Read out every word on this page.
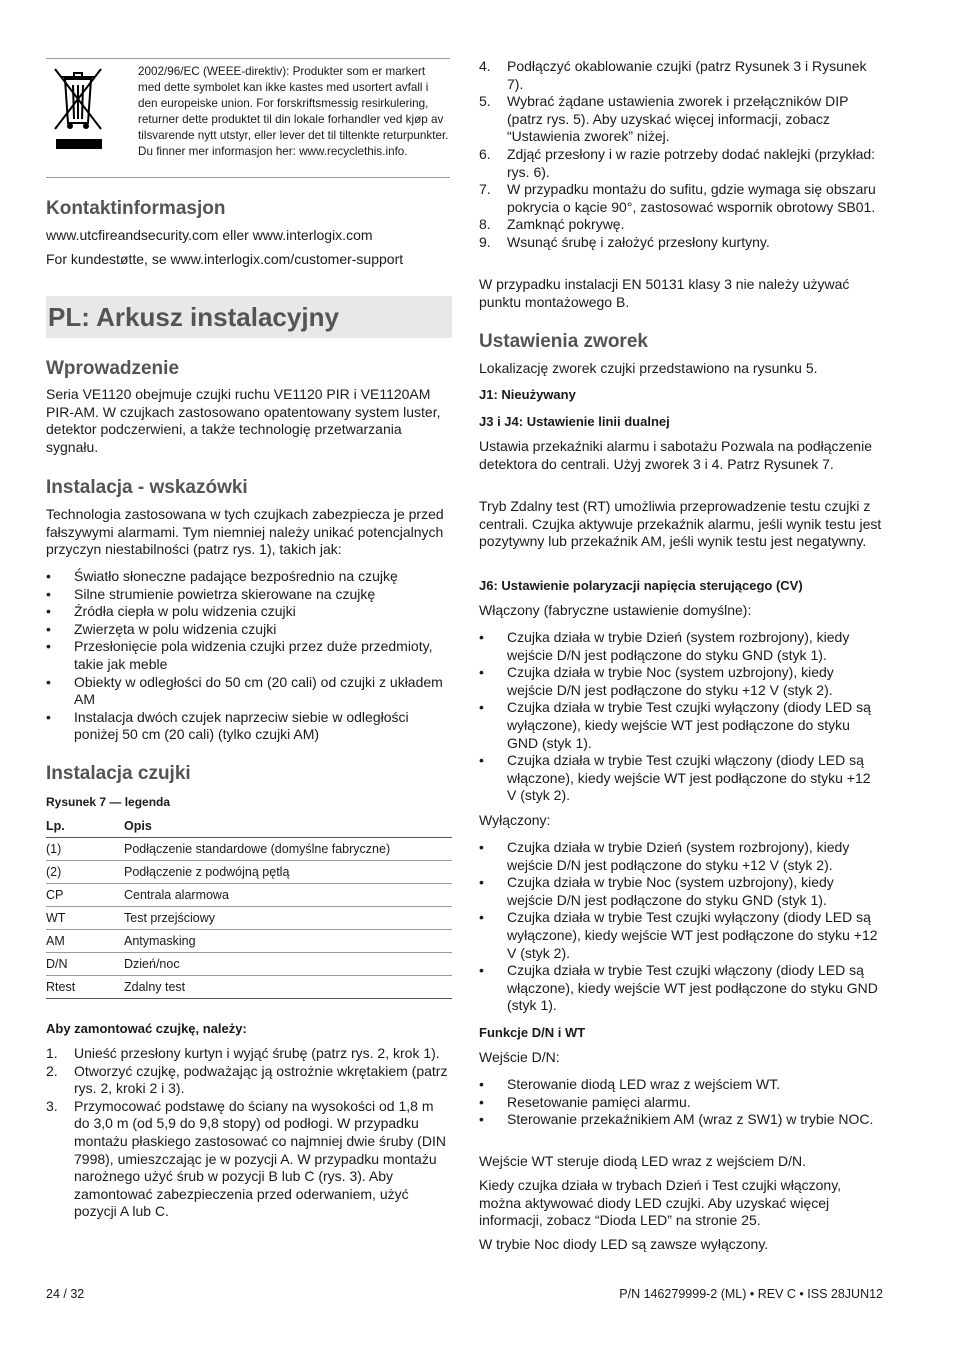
2002/96/EC (WEEE-direktiv): Produkter som er markert med dette symbolet kan ikke kastes med usortert avfall i den europeiske union. For forskriftsmessig resirkulering, returner dette produktet til din lokale forhandler ved kjøp av tilsvarende nytt utstyr, eller lever det til tiltenkte returpunkter. Du finner mer informasjon her: www.recyclethis.info.

Kontaktinformasjon

www.utcfireandsecurity.com eller www.interlogix.com

For kundestøtte, se www.interlogix.com/customer-support

PL: Arkusz instalacyjny
Wprowadzenie

Seria VE1120 obejmuje czujki ruchu VE1120 PIR i VE1120AM PIR-AM. W czujkach zastosowano opatentowany system luster, detektor podczerwieni, a także technologię przetwarzania sygnału.

Instalacja - wskazówki

Technologia zastosowana w tych czujkach zabezpiecza je przed fałszywymi alarmami. Tym niemniej należy unikać potencjalnych przyczyn niestabilności (patrz rys. 1), takich jak:

• Światło słoneczne padające bezpośrednio na czujkę
• Silne strumienie powietrza skierowane na czujkę
• Źródła ciepła w polu widzenia czujki
• Zwierzęta w polu widzenia czujki
• Przesłonięcie pola widzenia czujki przez duże przedmioty, takie jak meble
• Obiekty w odległości do 50 cm (20 cali) od czujki z układem AM
• Instalacja dwóch czujek naprzeciw siebie w odległości poniżej 50 cm (20 cali) (tylko czujki AM)
Instalacja czujki
Rysunek 7 — legenda
Lp.	Opis
(1)	Podłączenie standardowe (domyślne fabryczne)
(2)	Podłączenie z podwójną pętlą
CP	Centrala alarmowa
WT	Test przejściowy
AM	Antymasking
D/N	Dzień/noc
Rtest	Zdalny test
Aby zamontować czujkę, należy:
1. Unieść przesłony kurtyn i wyjąć śrubę (patrz rys. 2, krok 1).
2. Otworzyć czujkę, podważając ją ostrożnie wkrętakiem (patrz rys. 2, kroki 2 i 3).
3. Przymocować podstawę do ściany na wysokości od 1,8 m do 3,0 m (od 5,9 do 9,8 stopy) od podłogi. W przypadku montażu płaskiego zastosować co najmniej dwie śruby (DIN 7998), umieszczając je w pozycji A. W przypadku montażu narożnego użyć śrub w pozycji B lub C (rys. 3). Aby zamontować zabezpieczenia przed oderwaniem, użyć pozycji A lub C.
24 / 32
4. Podłączyć okablowanie czujki (patrz Rysunek 3 i Rysunek 7).
5. Wybrać żądane ustawienia zworek i przełączników DIP (patrz rys. 5). Aby uzyskać więcej informacji, zobacz “Ustawienia zworek” niżej.
6. Zdjąć przesłony i w razie potrzeby dodać naklejki (przykład: rys. 6).
7. W przypadku montażu do sufitu, gdzie wymaga się obszaru pokrycia o kącie 90°, zastosować wspornik obrotowy SB01.
8. Zamknąć pokrywę.
9. Wsunąć śrubę i założyć przesłony kurtyny.

W przypadku instalacji EN 50131 klasy 3 nie należy używać punktu montażowego B.

Ustawienia zworek

Lokalizację zworek czujki przedstawiono na rysunku 5.

J1: Nieużywany
J3 i J4: Ustawienie linii dualnej

Ustawia przekaźniki alarmu i sabotażu Pozwala na podłączenie detektora do centrali. Użyj zworek 3 i 4. Patrz Rysunek 7.

Tryb Zdalny test (RT) umożliwia przeprowadzenie testu czujki z centrali. Czujka aktywuje przekaźnik alarmu, jeśli wynik testu jest pozytywny lub przekaźnik AM, jeśli wynik testu jest negatywny.

J6: Ustawienie polaryzacji napięcia sterującego (CV)

Włączony (fabryczne ustawienie domyślne):

• Czujka działa w trybie Dzień (system rozbrojony), kiedy wejście D/N jest podłączone do styku GND (styk 1).
• Czujka działa w trybie Noc (system uzbrojony), kiedy wejście D/N jest podłączone do styku +12 V (styk 2).
• Czujka działa w trybie Test czujki wyłączony (diody LED są wyłączone), kiedy wejście WT jest podłączone do styku GND (styk 1).
• Czujka działa w trybie Test czujki włączony (diody LED są włączone), kiedy wejście WT jest podłączone do styku +12 V (styk 2).

Wyłączony:

• Czujka działa w trybie Dzień (system rozbrojony), kiedy wejście D/N jest podłączone do styku +12 V (styk 2).
• Czujka działa w trybie Noc (system uzbrojony), kiedy wejście D/N jest podłączone do styku GND (styk 1).
• Czujka działa w trybie Test czujki wyłączony (diody LED są wyłączone), kiedy wejście WT jest podłączone do styku +12 V (styk 2).
• Czujka działa w trybie Test czujki włączony (diody LED są włączone), kiedy wejście WT jest podłączone do styku GND (styk 1).
Funkcje D/N i WT

Wejście D/N:

• Sterowanie diodą LED wraz z wejściem WT.
• Resetowanie pamięci alarmu.
• Sterowanie przekaźnikiem AM (wraz z SW1) w trybie NOC.

Wejście WT steruje diodą LED wraz z wejściem D/N.

Kiedy czujka działa w trybach Dzień i Test czujki włączony, można aktywować diody LED czujki. Aby uzyskać więcej informacji, zobacz “Dioda LED” na stronie 25.

W trybie Noc diody LED są zawsze wyłączony.

P/N 146279999-2 (ML) • REV C • ISS 28JUN12
